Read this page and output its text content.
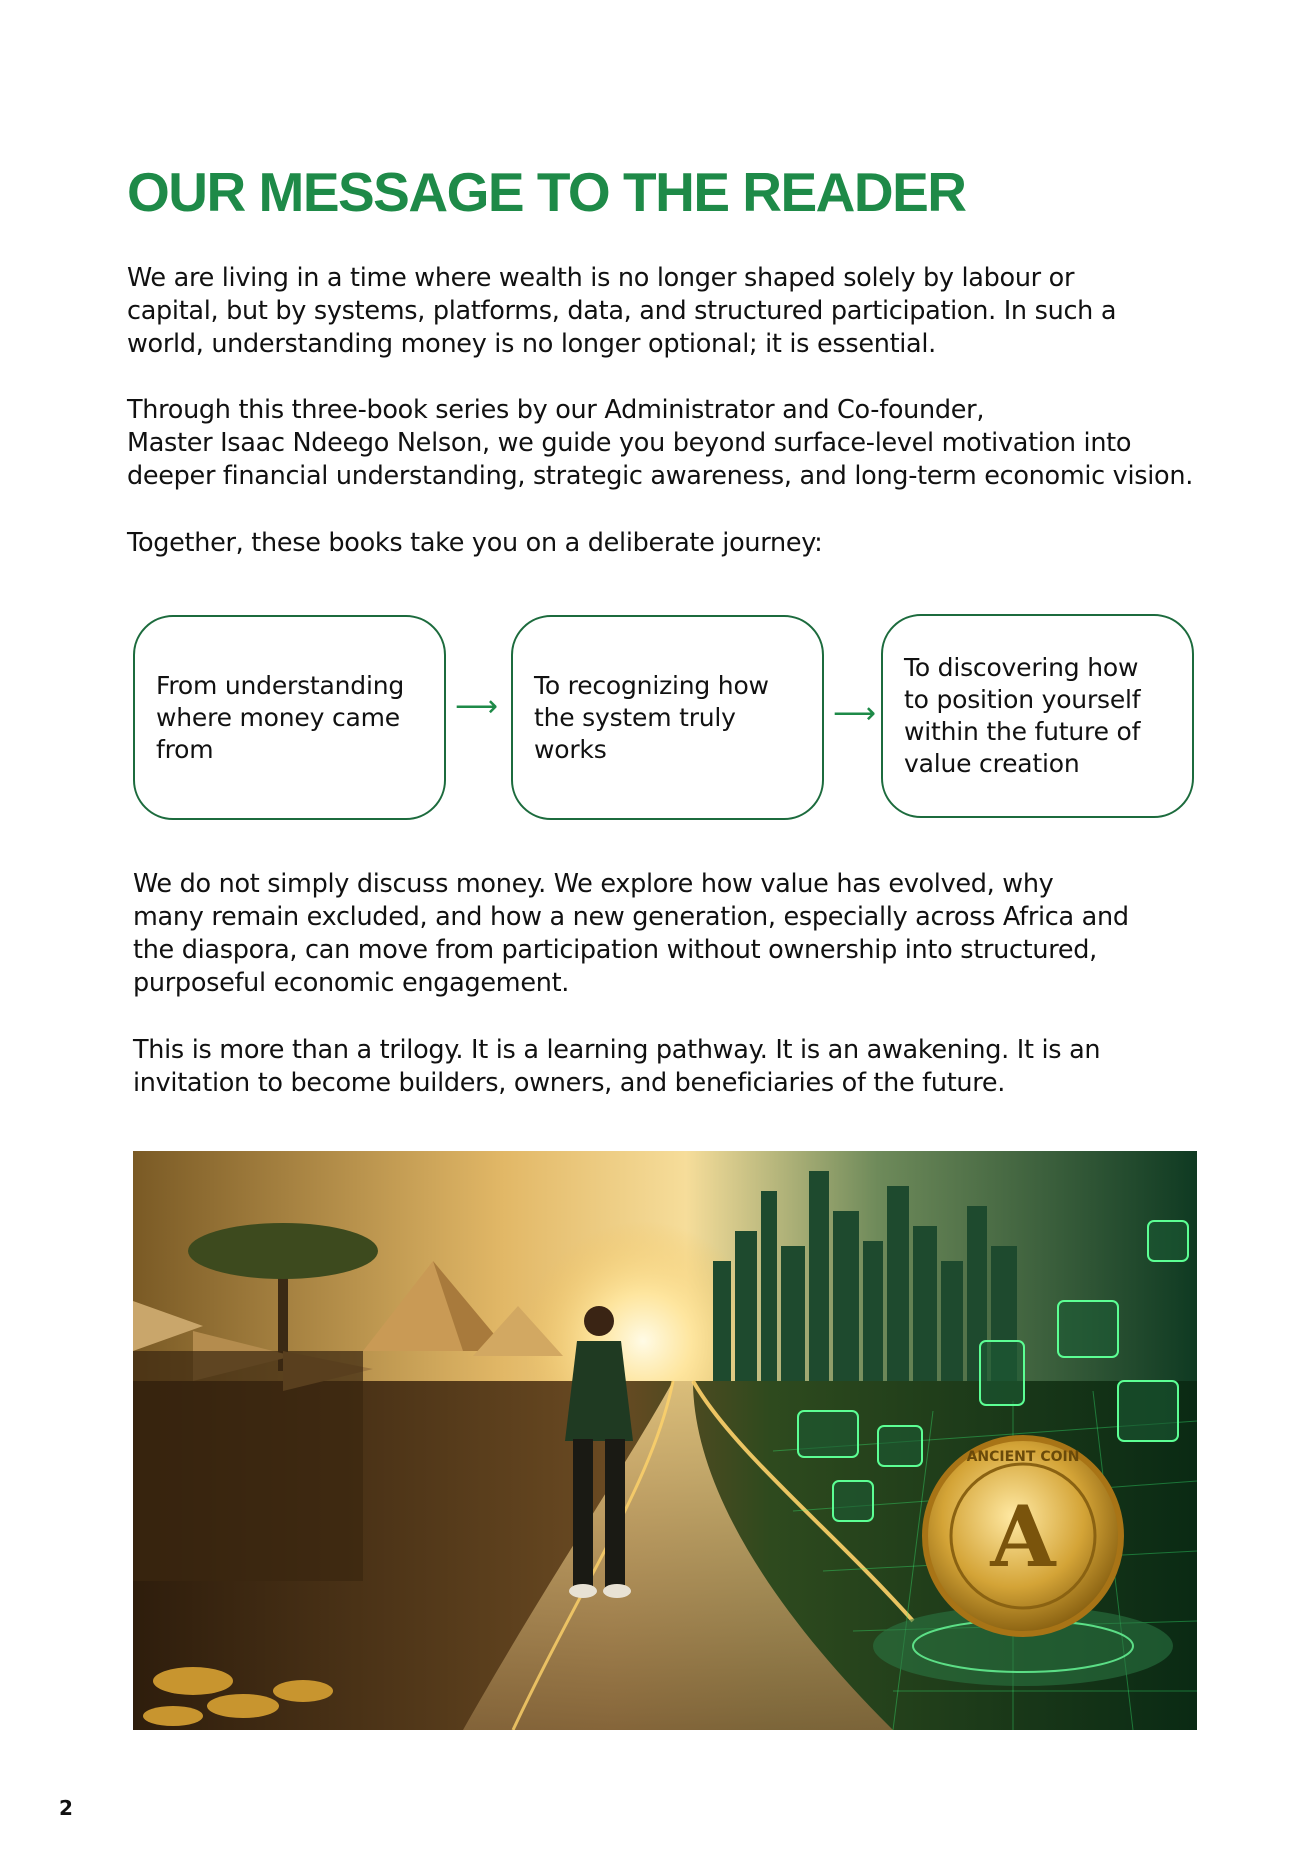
OUR MESSAGE TO THE READER

We are living in a time where wealth is no longer shaped solely by labour or
capital, but by systems, platforms, data, and structured participation. In such a
world, understanding money is no longer optional; it is essential.

Through this three-book series by our Administrator and Co-founder,
Master Isaac Ndeego Nelson, we guide you beyond surface-level motivation into
deeper financial understanding, strategic awareness, and long-term economic vision.

Together, these books take you on a deliberate journey:

From understanding
where money came
from
⟶
To recognizing how
the system truly works
⟶
To discovering how
to position yourself
within the future of
value creation

We do not simply discuss money. We explore how value has evolved, why
many remain excluded, and how a new generation, especially across Africa and
the diaspora, can move from participation without ownership into structured,
purposeful economic engagement.

This is more than a trilogy. It is a learning pathway. It is an awakening. It is an
invitation to become builders, owners, and beneficiaries of the future.

ANCIENT COIN
A

2
